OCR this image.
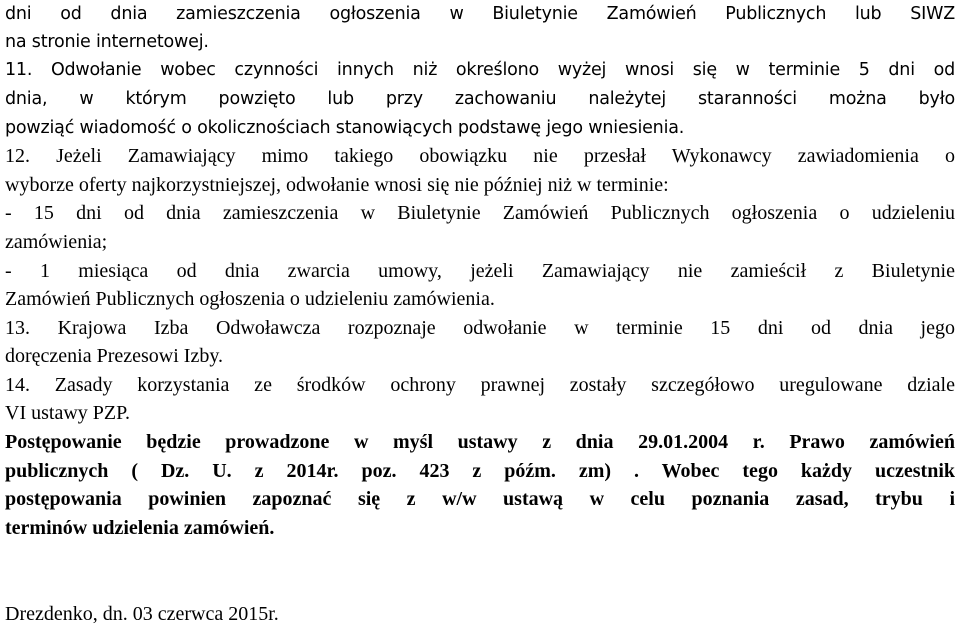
dni od dnia zamieszczenia ogłoszenia w Biuletynie Zamówień Publicznych lub SIWZ
na stronie internetowej.
11. Odwołanie wobec czynności innych niż określono wyżej wnosi się w terminie 5 dni od
dnia, w którym powzięto lub przy zachowaniu należytej staranności można było
powziąć wiadomość o okolicznościach stanowiących podstawę jego wniesienia.
12. Jeżeli Zamawiający mimo takiego obowiązku nie przesłał Wykonawcy zawiadomienia o
wyborze oferty najkorzystniejszej, odwołanie wnosi się nie później niż w terminie:
- 15 dni od dnia zamieszczenia w Biuletynie Zamówień Publicznych ogłoszenia o udzieleniu
zamówienia;
- 1 miesiąca od dnia zwarcia umowy, jeżeli Zamawiający nie zamieścił z Biuletynie
Zamówień Publicznych ogłoszenia o udzieleniu zamówienia.
13. Krajowa Izba Odwoławcza rozpoznaje odwołanie w terminie 15 dni od dnia jego
doręczenia Prezesowi Izby.
14. Zasady korzystania ze środków ochrony prawnej zostały szczegółowo uregulowane dziale
VI ustawy PZP.
Postępowanie będzie prowadzone w myśl ustawy z dnia 29.01.2004 r. Prawo zamówień
publicznych ( Dz. U. z 2014r. poz. 423 z późm. zm) . Wobec tego każdy uczestnik
postępowania powinien zapoznać się z w/w ustawą w celu poznania zasad, trybu i
terminów udzielenia zamówień.
Drezdenko, dn. 03 czerwca 2015r.
